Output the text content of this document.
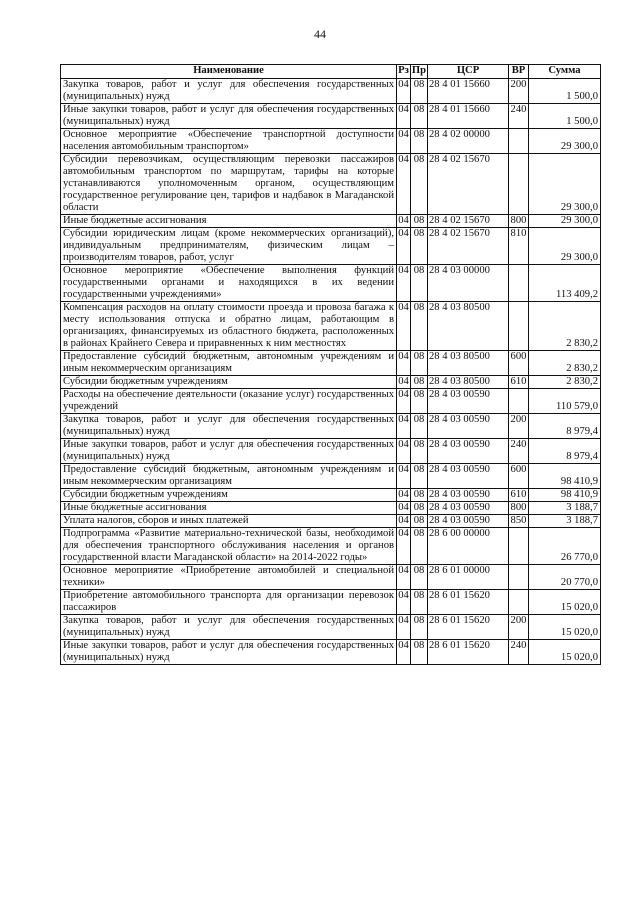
44
Наименование	Рз	Пр	ЦСР	ВР	Сумма
Закупка товаров, работ и услуг для обеспечения государственных (муниципальных) нужд	04	08	28 4 01 15660	200	1 500,0
Иные закупки товаров, работ и услуг для обеспечения государственных (муниципальных) нужд	04	08	28 4 01 15660	240	1 500,0
Основное мероприятие «Обеспечение транспортной доступности населения автомобильным транспортом»	04	08	28 4 02 00000		29 300,0
Субсидии перевозчикам, осуществляющим перевозки пассажиров автомобильным транспортом по маршрутам, тарифы на которые устанавливаются уполномоченным органом, осуществляющим государственное регулирование цен, тарифов и надбавок в Магаданской области	04	08	28 4 02 15670		29 300,0
Иные бюджетные ассигнования	04	08	28 4 02 15670	800	29 300,0
Субсидии юридическим лицам (кроме некоммерческих организаций), индивидуальным предпринимателям, физическим лицам – производителям товаров, работ, услуг	04	08	28 4 02 15670	810	29 300,0
Основное мероприятие «Обеспечение выполнения функций государственными органами и находящихся в их ведении государственными учреждениями»	04	08	28 4 03 00000		113 409,2
Компенсация расходов на оплату стоимости проезда и провоза багажа к месту использования отпуска и обратно лицам, работающим в организациях, финансируемых из областного бюджета, расположенных в районах Крайнего Севера и приравненных к ним местностях	04	08	28 4 03 80500		2 830,2
Предоставление субсидий бюджетным, автономным учреждениям и иным некоммерческим организациям	04	08	28 4 03 80500	600	2 830,2
Субсидии бюджетным учреждениям	04	08	28 4 03 80500	610	2 830,2
Расходы на обеспечение деятельности (оказание услуг) государственных учреждений	04	08	28 4 03 00590		110 579,0
Закупка товаров, работ и услуг для обеспечения государственных (муниципальных) нужд	04	08	28 4 03 00590	200	8 979,4
Иные закупки товаров, работ и услуг для обеспечения государственных (муниципальных) нужд	04	08	28 4 03 00590	240	8 979,4
Предоставление субсидий бюджетным, автономным учреждениям и иным некоммерческим организациям	04	08	28 4 03 00590	600	98 410,9
Субсидии бюджетным учреждениям	04	08	28 4 03 00590	610	98 410,9
Иные бюджетные ассигнования	04	08	28 4 03 00590	800	3 188,7
Уплата налогов, сборов и иных платежей	04	08	28 4 03 00590	850	3 188,7
Подпрограмма «Развитие материально-технической базы, необходимой для обеспечения транспортного обслуживания населения и органов государственной власти Магаданской области» на 2014-2022 годы»	04	08	28 6 00 00000		26 770,0
Основное мероприятие «Приобретение автомобилей и специальной техники»	04	08	28 6 01 00000		20 770,0
Приобретение автомобильного транспорта для организации перевозок пассажиров	04	08	28 6 01 15620		15 020,0
Закупка товаров, работ и услуг для обеспечения государственных (муниципальных) нужд	04	08	28 6 01 15620	200	15 020,0
Иные закупки товаров, работ и услуг для обеспечения государственных (муниципальных) нужд	04	08	28 6 01 15620	240	15 020,0
